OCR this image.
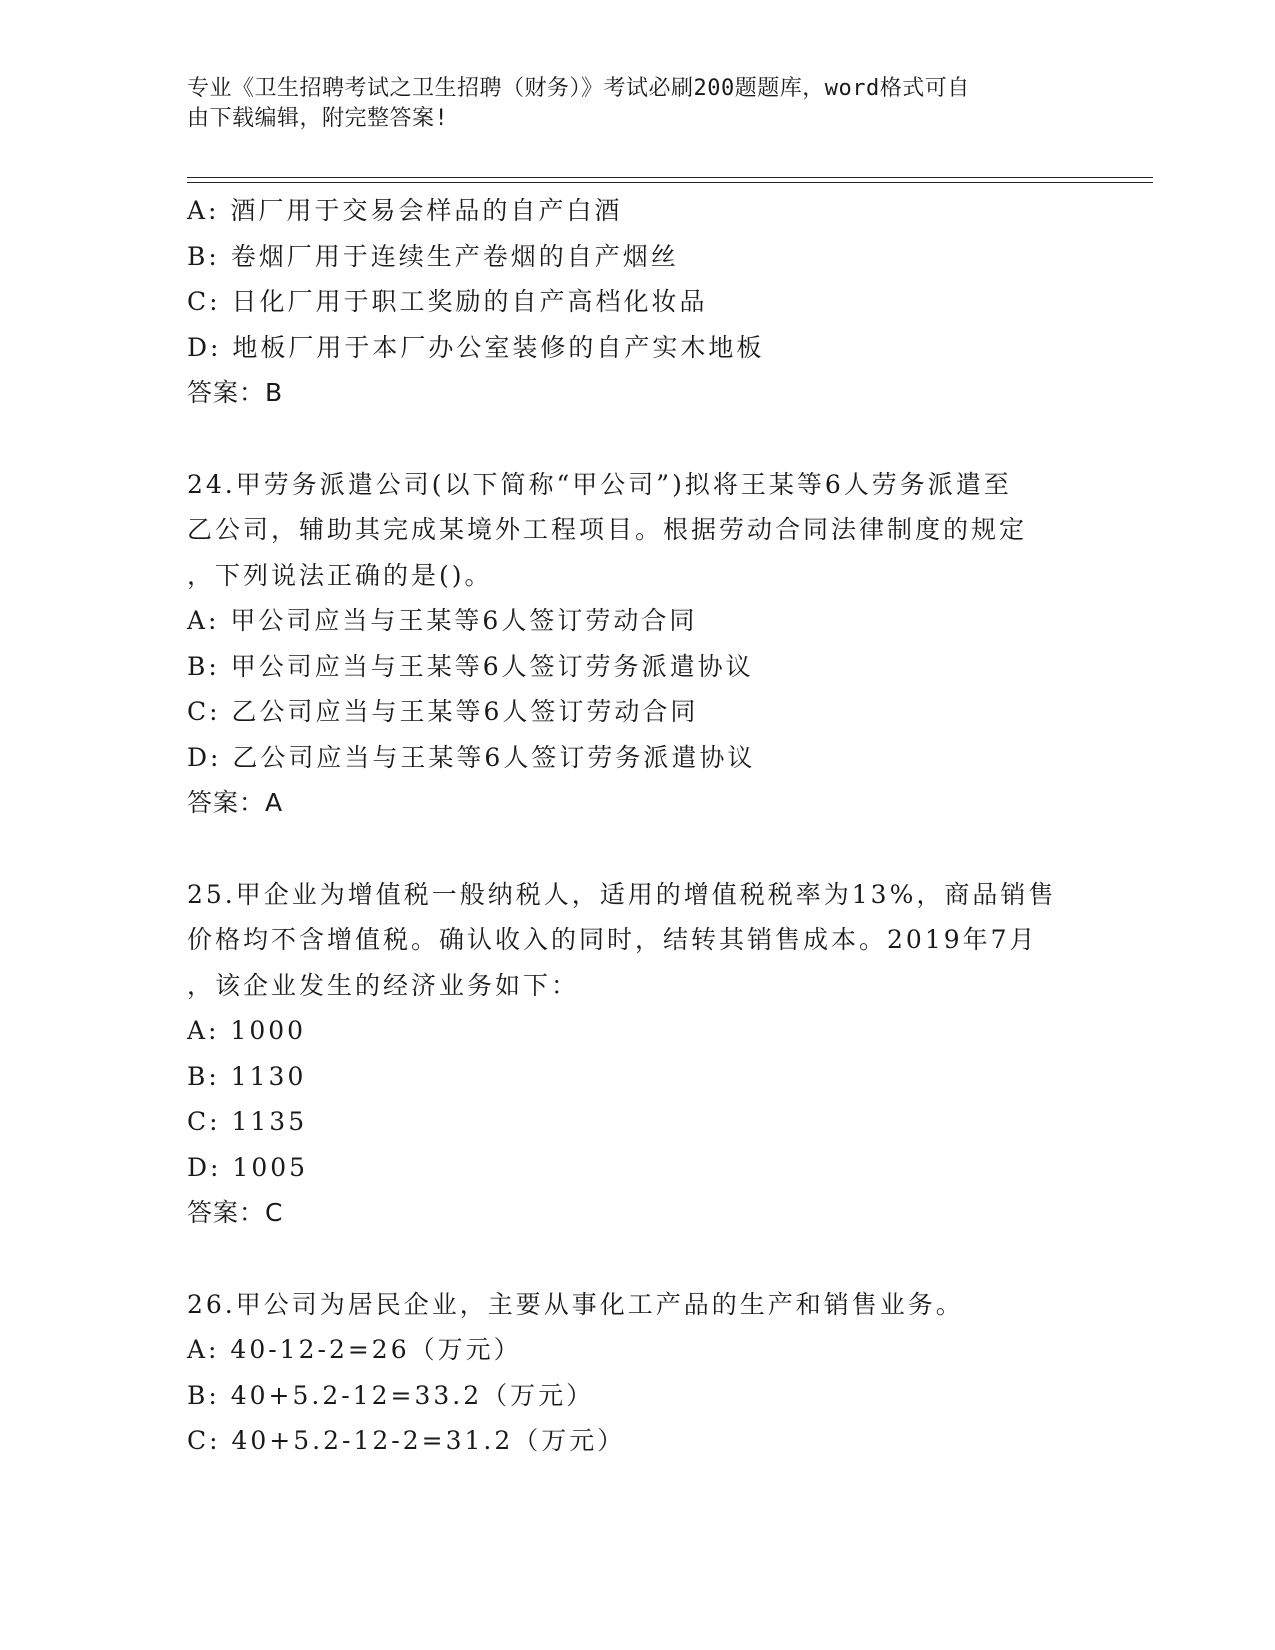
专业《卫生招聘考试之卫生招聘（财务）》考试必刷200题题库，word格式可自
由下载编辑，附完整答案!
A: 酒厂用于交易会样品的自产白酒
B: 卷烟厂用于连续生产卷烟的自产烟丝
C: 日化厂用于职工奖励的自产高档化妆品
D: 地板厂用于本厂办公室装修的自产实木地板
答案：B
24.甲劳务派遣公司(以下简称“甲公司”)拟将王某等6人劳务派遣至
乙公司，辅助其完成某境外工程项目。根据劳动合同法律制度的规定
，下列说法正确的是()。
A: 甲公司应当与王某等6人签订劳动合同
B: 甲公司应当与王某等6人签订劳务派遣协议
C: 乙公司应当与王某等6人签订劳动合同
D: 乙公司应当与王某等6人签订劳务派遣协议
答案：A
25.甲企业为增值税一般纳税人，适用的增值税税率为13%，商品销售
价格均不含增值税。确认收入的同时，结转其销售成本。2019年7月
，该企业发生的经济业务如下：
A: 1000
B: 1130
C: 1135
D: 1005
答案：C
26.甲公司为居民企业，主要从事化工产品的生产和销售业务。
A: 40-12-2=26（万元）
B: 40+5.2-12=33.2（万元）
C: 40+5.2-12-2=31.2（万元）
